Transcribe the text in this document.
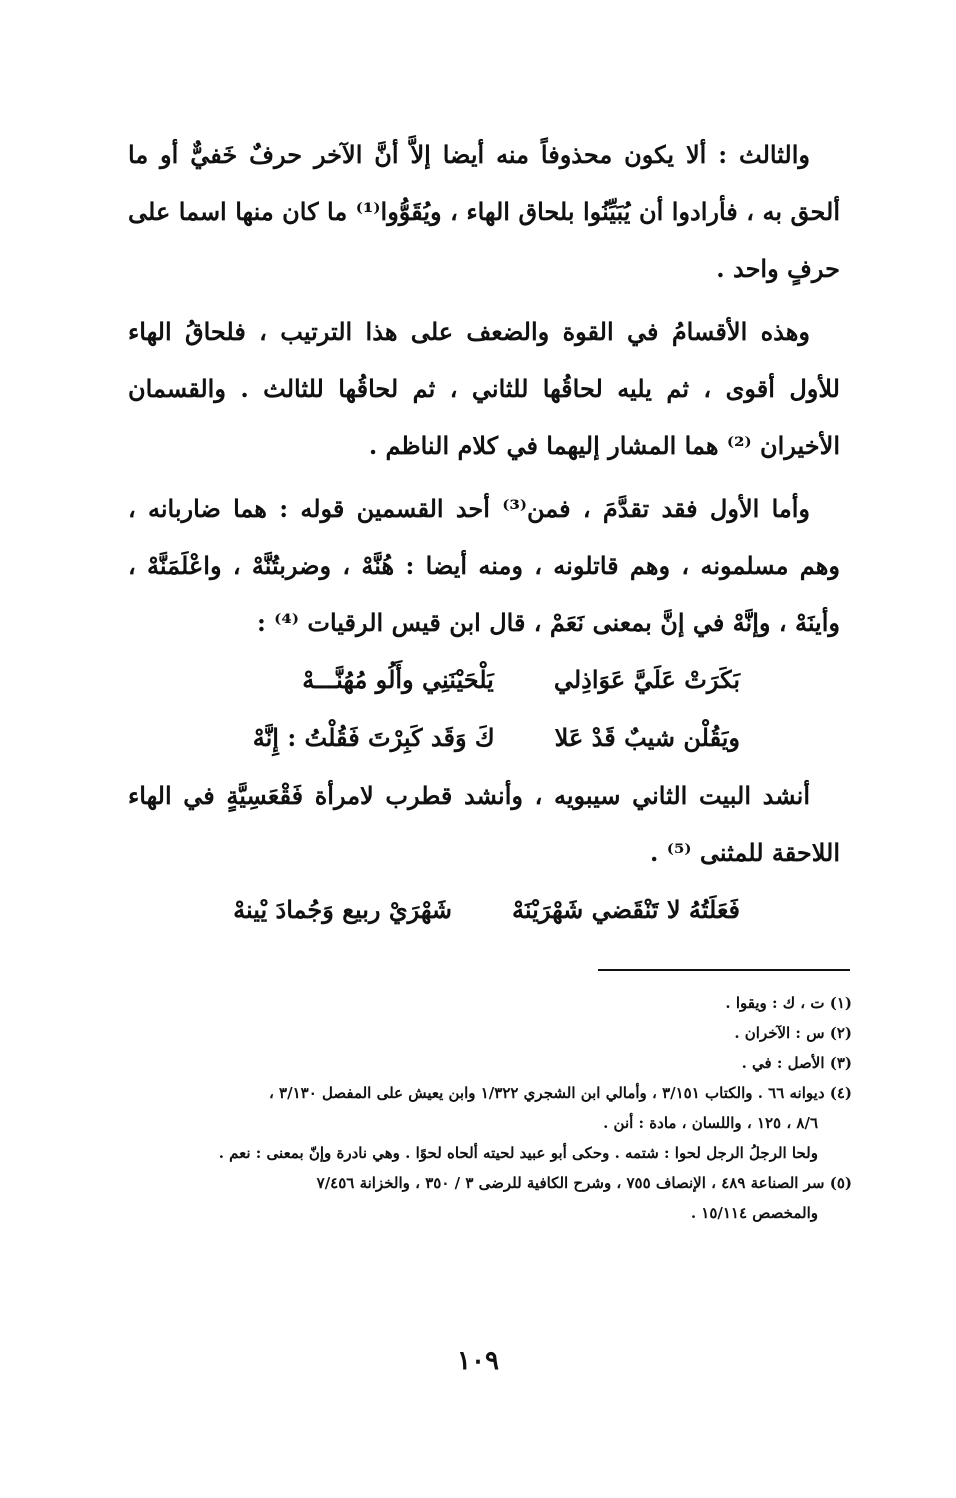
والثالث : ألا يكون محذوفاً منه أيضا إلاَّ أنَّ الآخر حرفٌ خَفيٌّ أو ما ألحق به ، فأرادوا أن يُبَيِّنُوا بلحاق الهاء ، ويُقَوُّوا⁽¹⁾ ما كان منها اسما على حرفٍ واحد .

وهذه الأقسامُ في القوة والضعف على هذا الترتيب ، فلحاقُ الهاء للأول أقوى ، ثم يليه لحاقُها للثاني ، ثم لحاقُها للثالث . والقسمان الأخيران ⁽²⁾ هما المشار إليهما في كلام الناظم .

وأما الأول فقد تقدَّمَ ، فمن⁽³⁾ أحد القسمين قوله : هما ضاربانه ، وهم مسلمونه ، وهم قاتلونه ، ومنه أيضا : هُنَّهْ ، وضربتُنَّهْ ، واعْلَمَنَّهْ ، وأينَهْ ، وإنَّهْ في إنَّ بمعنى نَعَمْ ، قال ابن قيس الرقيات ⁽⁴⁾ :

بَكَرَتْ عَلَيَّ عَوَاذِلي
يَلْحَيْنَنِي وأَلُو مُهُنَّـــهْ
ويَقُلْن شيبٌ قَدْ عَلا
كَ وَقَد كَبِرْتَ فَقُلْتُ : إِنَّهْ

أنشد البيت الثاني سيبويه ، وأنشد قطرب لامرأة فَقْعَسِيَّةٍ في الهاء اللاحقة للمثنى ⁽⁵⁾ .

فَعَلَتُهُ لا تَنْقَضي شَهْرَيْنَهْ
شَهْرَيْ ربيع وَجُمادَ يْينهْ

(١) ت ، ك : ويقوا .

(٢) س : الآخران .

(٣) الأصل : في .

(٤) ديوانه ٦٦ . والكتاب ٣/١٥١ ، وأمالي ابن الشجري ١/٣٢٢ وابن يعيش على المفصل ٣/١٣٠ ،

٨/٦ ، ١٢٥ ، واللسان ، مادة : أنن .

ولحا الرجلُ الرجل لحوا : شتمه . وحكى أبو عبيد لحيته ألحاه لحوًا . وهي نادرة وإنّ بمعنى : نعم .

(٥) سر الصناعة ٤٨٩ ، الإنصاف ٧٥٥ ، وشرح الكافية للرضى ٣ / ٣٥٠ ، والخزانة ٧/٤٥٦

والمخصص ١٥/١١٤ .

١٠٩
